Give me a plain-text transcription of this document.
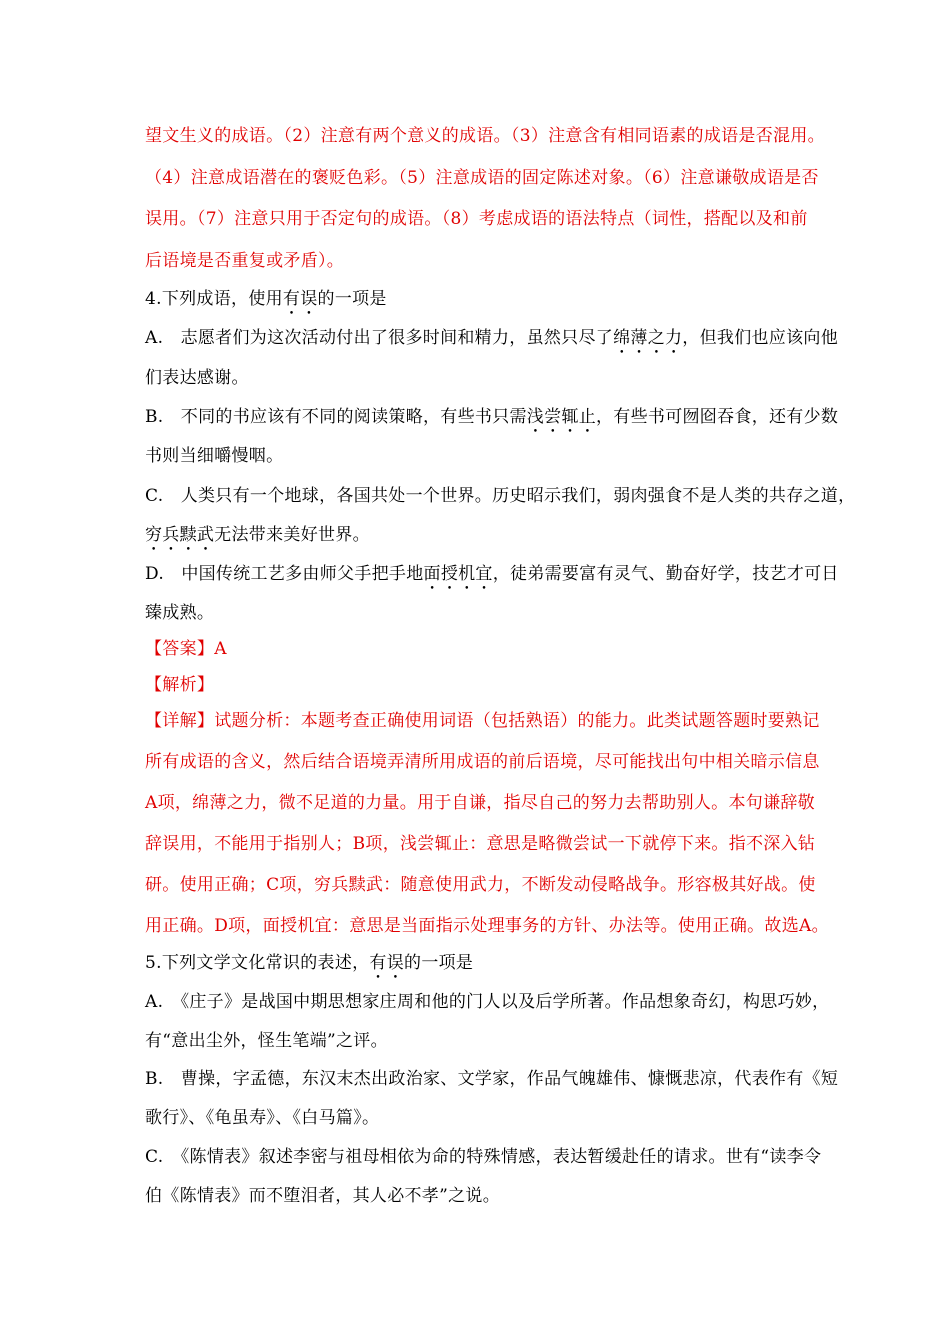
望文生义的成语。（2）注意有两个意义的成语。（3）注意含有相同语素的成语是否混用。
（4）注意成语潜在的褒贬色彩。（5）注意成语的固定陈述对象。（6）注意谦敬成语是否
误用。（7）注意只用于否定句的成语。（8）考虑成语的语法特点（词性，搭配以及和前
后语境是否重复或矛盾）。
4.下列成语，使用有误的一项是
A.　志愿者们为这次活动付出了很多时间和精力，虽然只尽了绵薄之力，但我们也应该向他
们表达感谢。
B.　不同的书应该有不同的阅读策略，有些书只需浅尝辄止，有些书可囫囵吞食，还有少数
书则当细嚼慢咽。
C.　人类只有一个地球，各国共处一个世界。历史昭示我们，弱肉强食不是人类的共存之道，
穷兵黩武无法带来美好世界。
D.　中国传统工艺多由师父手把手地面授机宜，徒弟需要富有灵气、勤奋好学，技艺才可日
臻成熟。
【答案】A
【解析】
【详解】试题分析：本题考查正确使用词语（包括熟语）的能力。此类试题答题时要熟记
所有成语的含义，然后结合语境弄清所用成语的前后语境，尽可能找出句中相关暗示信息
A项，绵薄之力，微不足道的力量。用于自谦，指尽自己的努力去帮助别人。本句谦辞敬
辞误用，不能用于指别人；B项，浅尝辄止：意思是略微尝试一下就停下来。指不深入钻
研。使用正确；C项，穷兵黩武：随意使用武力，不断发动侵略战争。形容极其好战。使
用正确。D项，面授机宜：意思是当面指示处理事务的方针、办法等。使用正确。故选A。
5.下列文学文化常识的表述，有误的一项是
A.　《庄子》是战国中期思想家庄周和他的门人以及后学所著。作品想象奇幻，构思巧妙，
有“意出尘外，怪生笔端”之评。
B.　曹操，字孟德，东汉末杰出政治家、文学家，作品气魄雄伟、慷慨悲凉，代表作有《短
歌行》、《龟虽寿》、《白马篇》。
C.　《陈情表》叙述李密与祖母相依为命的特殊情感，表达暂缓赴任的请求。世有“读李令
伯《陈情表》而不堕泪者，其人必不孝”之说。
